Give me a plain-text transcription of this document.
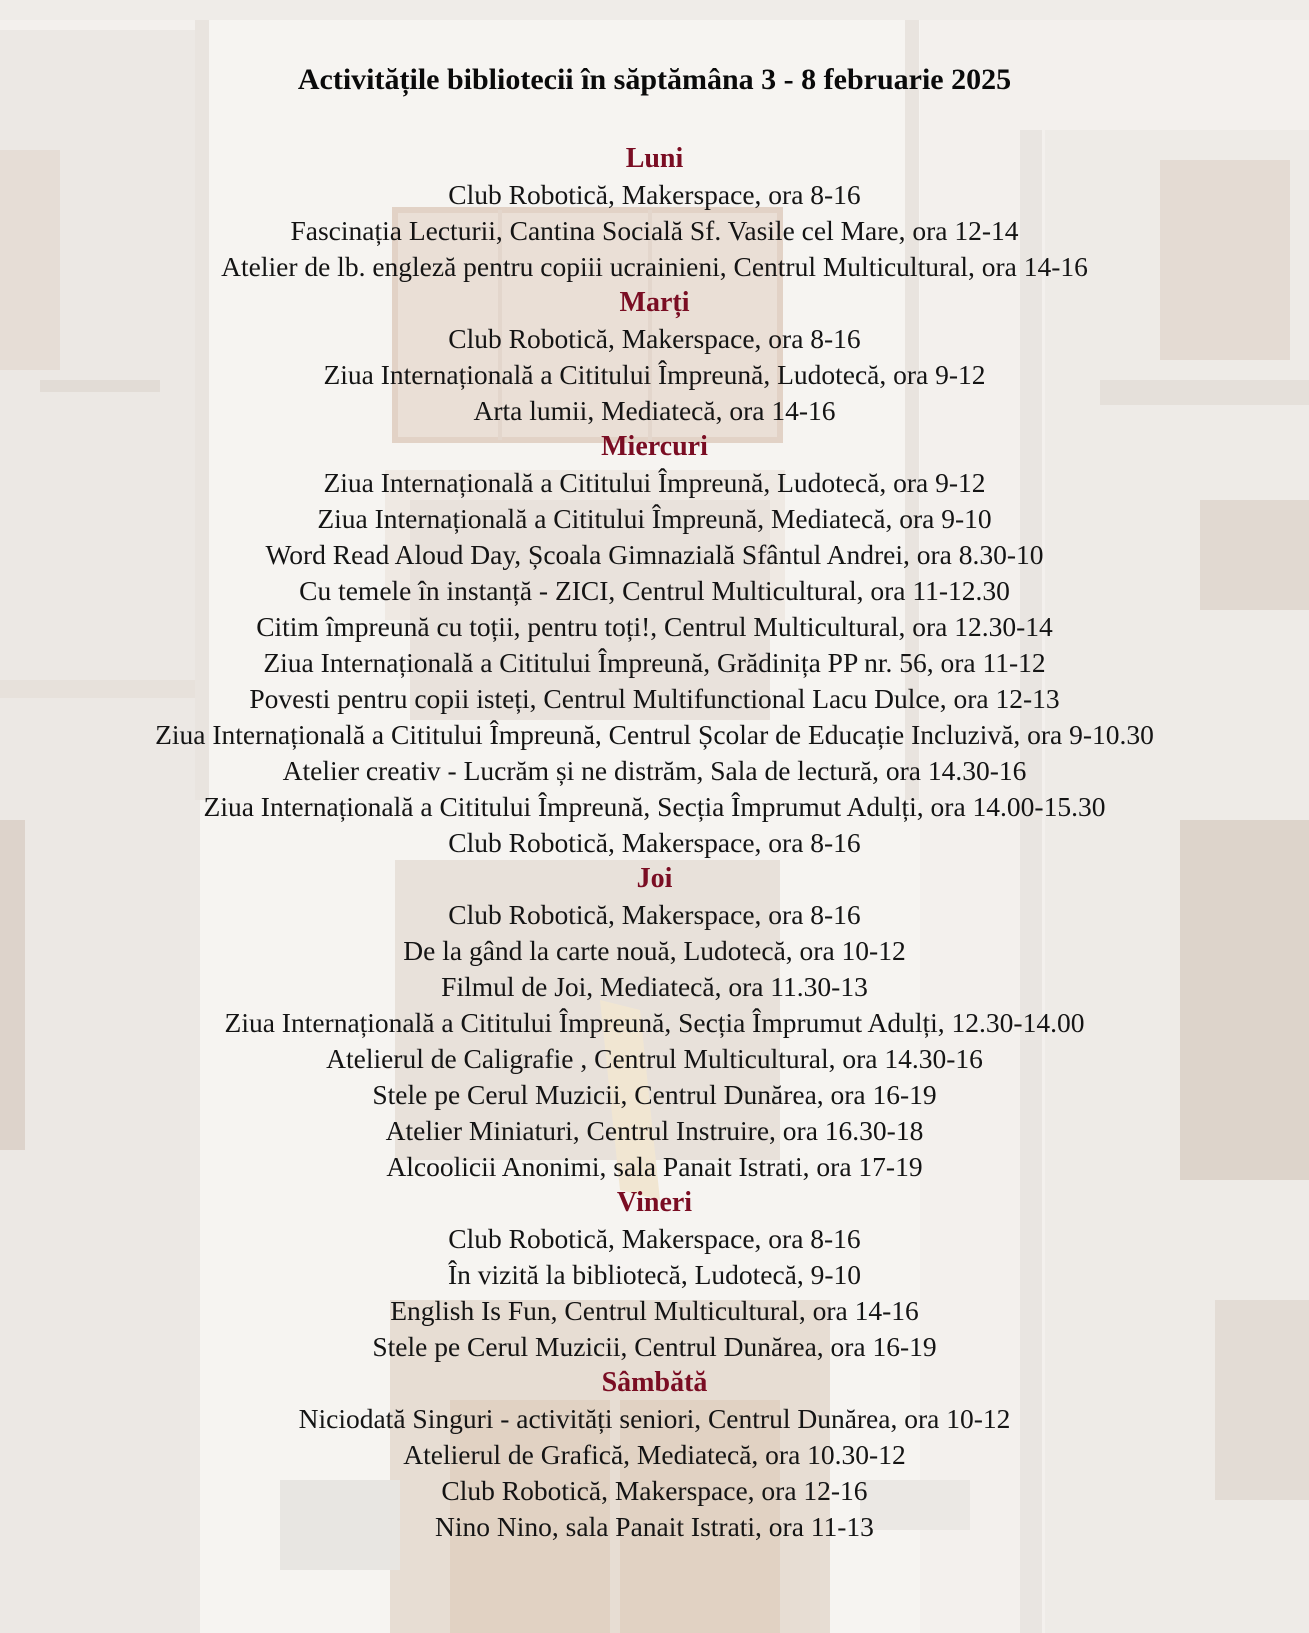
Activitățile bibliotecii în săptămâna 3 - 8 februarie 2025
Luni
Club Robotică, Makerspace, ora 8-16
Fascinația Lecturii, Cantina Socială Sf. Vasile cel Mare, ora 12-14
Atelier de lb. engleză pentru copiii ucrainieni, Centrul Multicultural, ora 14-16
Marți
Club Robotică, Makerspace, ora 8-16
Ziua Internațională a Cititului Împreună, Ludotecă, ora 9-12
Arta lumii, Mediatecă, ora 14-16
Miercuri
Ziua Internațională a Cititului Împreună, Ludotecă, ora 9-12
Ziua Internațională a Cititului Împreună, Mediatecă, ora 9-10
Word Read Aloud Day, Școala Gimnazială Sfântul Andrei, ora 8.30-10
Cu temele în instanță - ZICI, Centrul Multicultural, ora 11-12.30
Citim împreună cu toții, pentru toți!, Centrul Multicultural, ora 12.30-14
Ziua Internațională a Cititului Împreună, Grădinița PP nr. 56, ora 11-12
Povesti pentru copii isteți, Centrul Multifunctional Lacu Dulce, ora 12-13
Ziua Internațională a Cititului Împreună, Centrul Școlar de Educație Incluzivă, ora 9-10.30
Atelier creativ - Lucrăm și ne distrăm, Sala de lectură, ora 14.30-16
Ziua Internațională a Cititului Împreună, Secția Împrumut Adulți, ora 14.00-15.30
Club Robotică, Makerspace, ora 8-16
Joi
Club Robotică, Makerspace, ora 8-16
De la gând la carte nouă, Ludotecă, ora 10-12
Filmul de Joi, Mediatecă, ora 11.30-13
Ziua Internațională a Cititului Împreună, Secția Împrumut Adulți, 12.30-14.00
Atelierul de Caligrafie , Centrul Multicultural, ora 14.30-16
Stele pe Cerul Muzicii, Centrul Dunărea, ora 16-19
Atelier Miniaturi, Centrul Instruire, ora 16.30-18
Alcoolicii Anonimi, sala Panait Istrati, ora 17-19
Vineri
Club Robotică, Makerspace, ora 8-16
În vizită la bibliotecă, Ludotecă, 9-10
English Is Fun, Centrul Multicultural, ora 14-16
Stele pe Cerul Muzicii, Centrul Dunărea, ora 16-19
Sâmbătă
Niciodată Singuri - activități seniori, Centrul Dunărea, ora 10-12
Atelierul de Grafică, Mediatecă, ora 10.30-12
Club Robotică, Makerspace, ora 12-16
Nino Nino, sala Panait Istrati, ora 11-13
